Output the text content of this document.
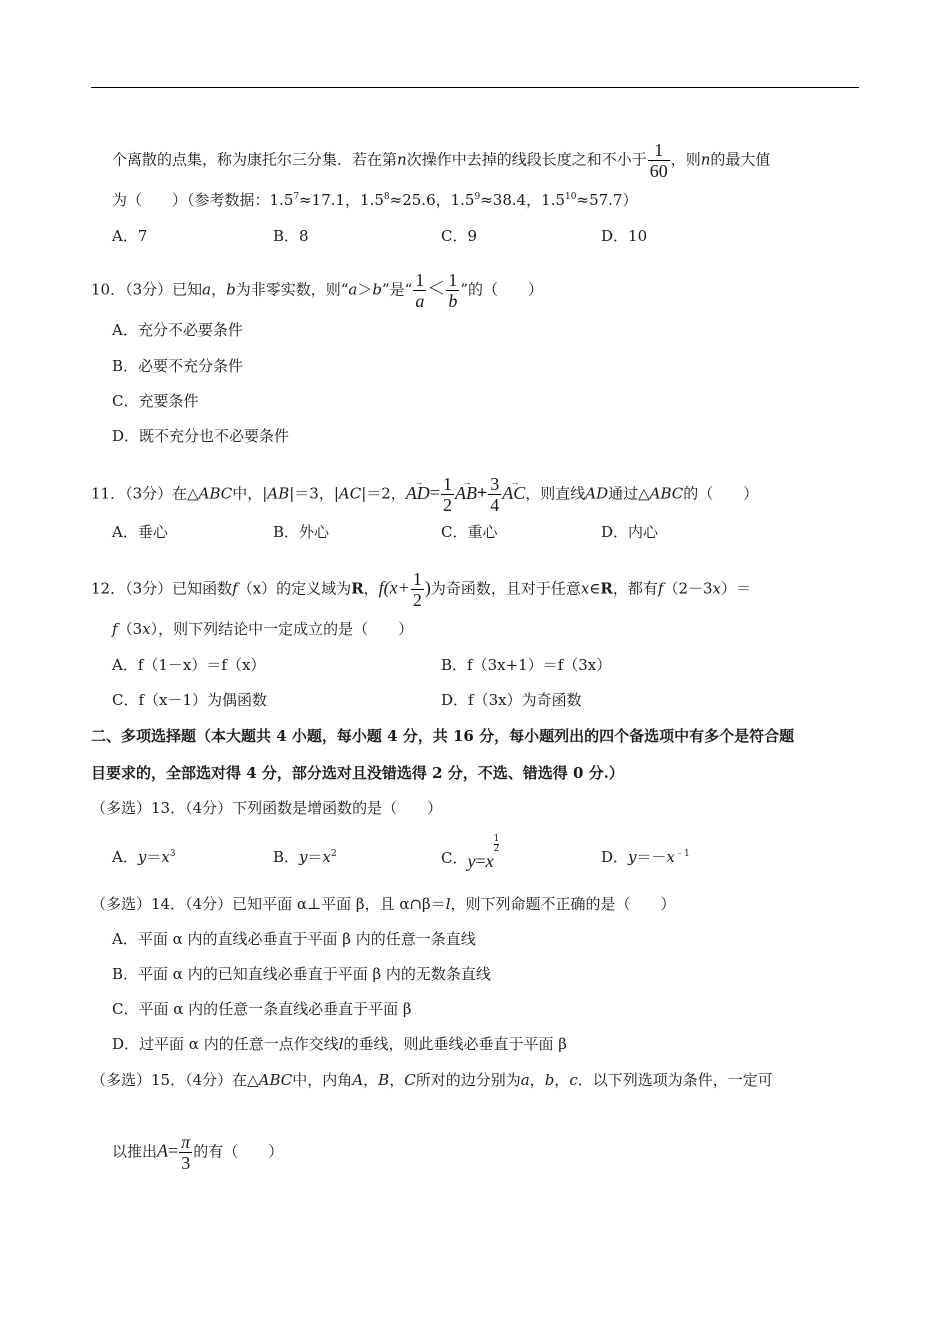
个离散的点集，称为康托尔三分集．若在第n次操作中去掉的线段长度之和不小于 $\frac{1}{60}$ ，则n的最大值
为（　　）（参考数据：$1.5^7\approx 17.1$，$1.5^8\approx 25.6$，$1.5^9\approx 38.4$，$1.5^{10}\approx 57.7$）
A．7	B．8	C．9	D．10
10．（3分）已知a，b为非零实数，则“a＞b”是“ $\frac{1}{a} < \frac{1}{b}$ ”的（　　）
A．充分不必要条件
B．必要不充分条件
C．充要条件
D．既不充分也不必要条件
11．（3分）在△ABC中，|AB|＝3，|AC|＝2，→ $AD= \frac{1}{2}$
→ $AB+ \frac{3}{4}$
→ AC，则直线AD通过△ABC的（　　）
A．垂心	B．外心	C．重心	D．内心
12．（3分）已知函数f（x）的定义域为R，$f(x+ \frac{1}{2}$ )为奇函数，且对于任意x∈R，都有f（2－3x）＝
f（3x），则下列结论中一定成立的是（　　）
A．f（1－x）＝f（x）	B．f（3x+1）＝f（3x）
C．f（x－1）为偶函数	D．f（3x）为奇函数
二、多项选择题（本大题共 4 小题，每小题 4 分，共 16 分，每小题列出的四个备选项中有多个是符合题
目要求的，全部选对得 4 分，部分选对且没错选得 2 分，不选、错选得 0 分.）
（多选）13．（4分）下列函数是增函数的是（　　）
A．$y=x^3$	B．$y=x^2$	C．y=x
$\frac{1}{2}$
D．$y=-x^{﹣1}$
（多选）14．（4分）已知平面 α⊥平面 β，且 α∩β＝l，则下列命题不正确的是（　　）
A．平面 α 内的直线必垂直于平面 β 内的任意一条直线
B．平面 α 内的已知直线必垂直于平面 β 内的无数条直线
C．平面 α 内的任意一条直线必垂直于平面 β
D．过平面 α 内的任意一点作交线l的垂线，则此垂线必垂直于平面 β
（多选）15．（4分）在△ABC中，内角A，B，C所对的边分别为a，b，c．以下列选项为条件，一定可
以推出$A= \frac{\pi}{3}$ 的有（　　）
